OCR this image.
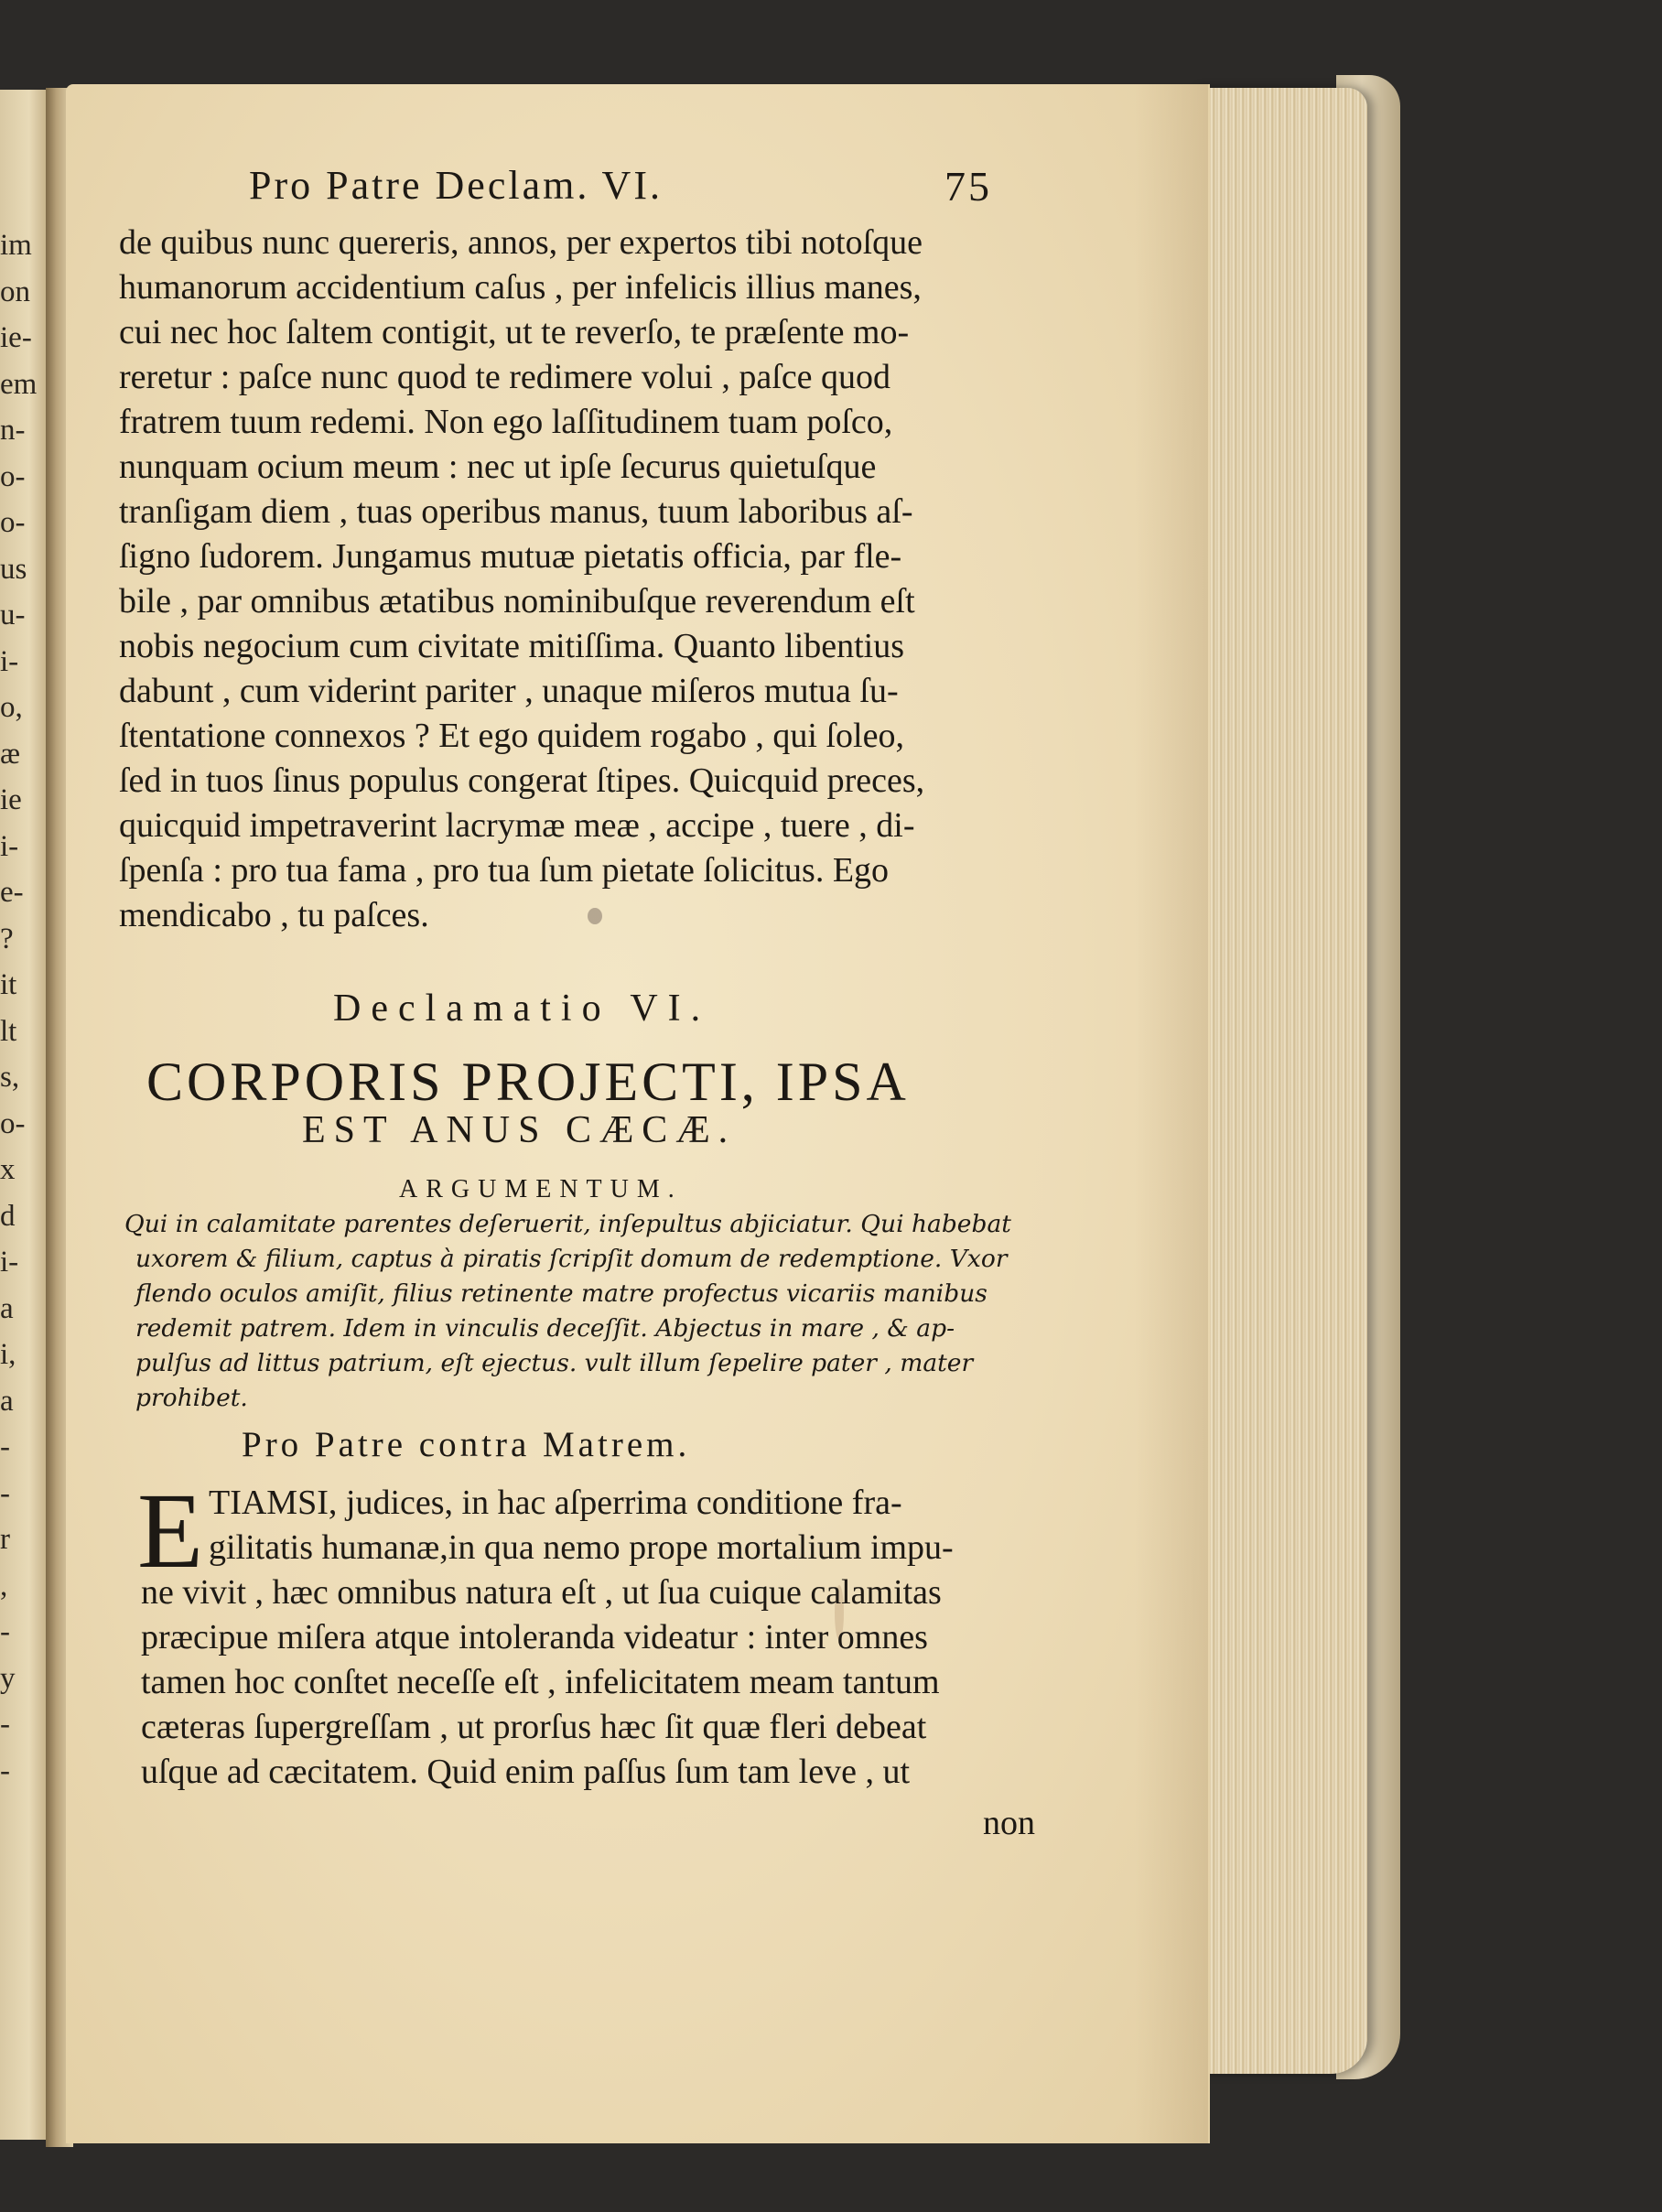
im
on
ie-
em
n-
o-
o-
us
u-
i-
o,
æ
ie
i-
e-
?
it
lt
s,
o-
x
d
i-
a
i,
a
-
-
r
,
-
y
-
-
Pro Patre Declam. VI.	75
de quibus nunc quereris, annos, per expertos tibi notoſque
humanorum accidentium caſus , per infelicis illius manes,
cui nec hoc ſaltem contigit, ut te reverſo, te præſente mo-
reretur : paſce nunc quod te redimere volui , paſce quod
fratrem tuum redemi. Non ego laſſitudinem tuam poſco,
nunquam ocium meum : nec ut ipſe ſecurus quietuſque
tranſigam diem , tuas operibus manus, tuum laboribus aſ-
ſigno ſudorem. Jungamus mutuæ pietatis officia, par fle-
bile , par omnibus ætatibus nominibuſque reverendum eſt
nobis negocium cum civitate mitiſſima. Quanto libentius
dabunt , cum viderint pariter , unaque miſeros mutua ſu-
ſtentatione connexos ? Et ego quidem rogabo , qui ſoleo,
ſed in tuos ſinus populus congerat ſtipes. Quicquid preces,
quicquid impetraverint lacrymæ meæ , accipe , tuere , di-
ſpenſa : pro tua fama , pro tua ſum pietate ſolicitus. Ego
mendicabo , tu paſces.
Declamatio VI.
CORPORIS PROJECTI, IPSA
EST ANUS CÆCÆ.
ARGUMENTUM.
Qui in calamitate parentes deſeruerit, inſepultus abjiciatur. Qui habebat
uxorem & filium, captus à piratis ſcripſit domum de redemptione. Vxor
flendo oculos amiſit, filius retinente matre profectus vicariis manibus
redemit patrem. Idem in vinculis deceſſit. Abjectus in mare , & ap-
pulſus ad littus patrium, eſt ejectus. vult illum ſepelire pater , mater
prohibet.
Pro Patre contra Matrem.
E TIAMSI, judices, in hac aſperrima conditione fra-
gilitatis humanæ,in qua nemo prope mortalium impu-
ne vivit , hæc omnibus natura eſt , ut ſua cuique calamitas
præcipue miſera atque intoleranda videatur : inter omnes
tamen hoc conſtet neceſſe eſt , infelicitatem meam tantum
cæteras ſupergreſſam , ut prorſus hæc ſit quæ fleri debeat
uſque ad cæcitatem. Quid enim paſſus ſum tam leve , ut
non
